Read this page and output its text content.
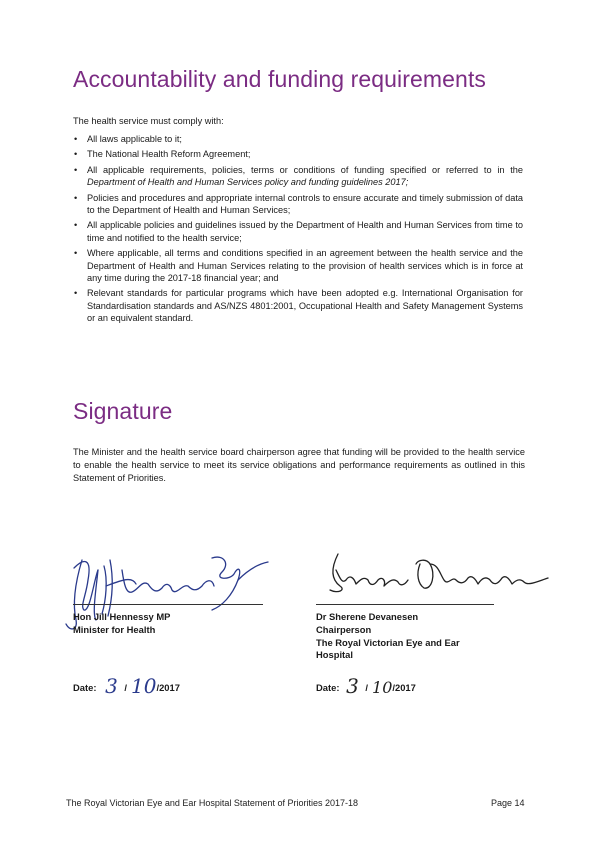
Accountability and funding requirements

The health service must comply with:

• All laws applicable to it;
• The National Health Reform Agreement;
• All applicable requirements, policies, terms or conditions of funding specified or referred to in the Department of Health and Human Services policy and funding guidelines 2017;
• Policies and procedures and appropriate internal controls to ensure accurate and timely submission of data to the Department of Health and Human Services;
• All applicable policies and guidelines issued by the Department of Health and Human Services from time to time and notified to the health service;
• Where applicable, all terms and conditions specified in an agreement between the health service and the Department of Health and Human Services relating to the provision of health services which is in force at any time during the 2017-18 financial year; and
• Relevant standards for particular programs which have been adopted e.g. International Organisation for Standardisation standards and AS/NZS 4801:2001, Occupational Health and Safety Management Systems or an equivalent standard.
Signature

The Minister and the health service board chairperson agree that funding will be provided to the health service to enable the health service to meet its service obligations and performance requirements as outlined in this Statement of Priorities.

Hon Jill Hennessy MP
Minister for Health
Date: 3 / 10/2017
Dr Sherene Devanesen
Chairperson
The Royal Victorian Eye and Ear
Hospital
Date: 3 / 10/2017
The Royal Victorian Eye and Ear Hospital Statement of Priorities 2017-18	Page 14
